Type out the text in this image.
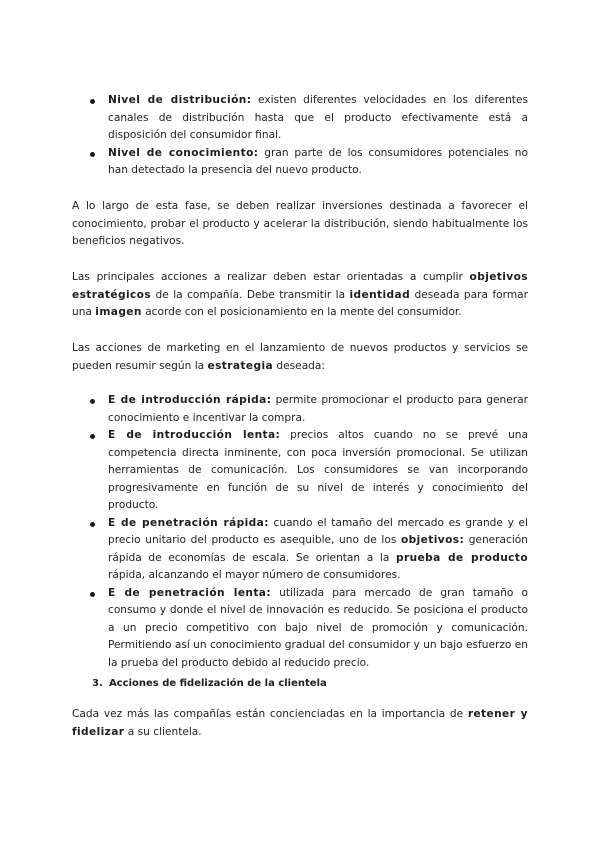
Nivel de distribución: existen diferentes velocidades en los diferentes canales de distribución hasta que el producto efectivamente está a disposición del consumidor final.
Nivel de conocimiento: gran parte de los consumidores potenciales no han detectado la presencia del nuevo producto.

A lo largo de esta fase, se deben realizar inversiones destinada a favorecer el conocimiento, probar el producto y acelerar la distribución, siendo habitualmente los beneficios negativos.

Las principales acciones a realizar deben estar orientadas a cumplir objetivos estratégicos de la compañía. Debe transmitir la identidad deseada para formar una imagen acorde con el posicionamiento en la mente del consumidor.

Las acciones de marketing en el lanzamiento de nuevos productos y servicios se pueden resumir según la estrategia deseada:

E de introducción rápida: permite promocionar el producto para generar conocimiento e incentivar la compra.
E de introducción lenta: precios altos cuando no se prevé una competencia directa inminente, con poca inversión promocional. Se utilizan herramientas de comunicación. Los consumidores se van incorporando progresivamente en función de su nivel de interés y conocimiento del producto.
E de penetración rápida: cuando el tamaño del mercado es grande y el precio unitario del producto es asequible, uno de los objetivos: generación rápida de economías de escala. Se orientan a la prueba de producto rápida, alcanzando el mayor número de consumidores.
E de penetración lenta: utilizada para mercado de gran tamaño o consumo y donde el nivel de innovación es reducido. Se posiciona el producto a un precio competitivo con bajo nivel de promoción y comunicación. Permitiendo así un conocimiento gradual del consumidor y un bajo esfuerzo en la prueba del producto debido al reducido precio.
3. Acciones de fidelización de la clientela

Cada vez más las compañías están concienciadas en la importancia de retener y fidelizar a su clientela.
